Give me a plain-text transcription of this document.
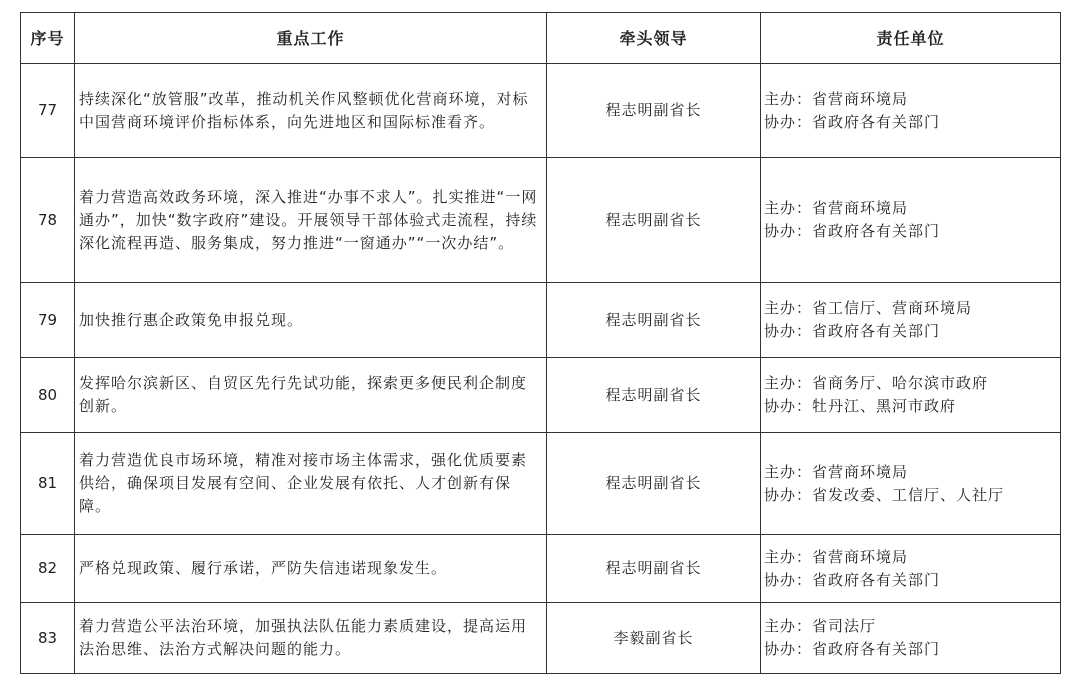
序号	重点工作	牵头领导	责任单位
77	持续深化“放管服”改革，推动机关作风整顿优化营商环境，对标中国营商环境评价指标体系，向先进地区和国际标准看齐。	程志明副省长	主办：省营商环境局
协办：省政府各有关部门

78	着力营造高效政务环境，深入推进“办事不求人”。扎实推进“一网通办”，加快“数字政府”建设。开展领导干部体验式走流程，持续深化流程再造、服务集成，努力推进“一窗通办”“一次办结”。	程志明副省长	主办：省营商环境局
协办：省政府各有关部门

79	加快推行惠企政策免申报兑现。	程志明副省长	主办：省工信厅、营商环境局
协办：省政府各有关部门

80	发挥哈尔滨新区、自贸区先行先试功能，探索更多便民利企制度创新。	程志明副省长	主办：省商务厅、哈尔滨市政府
协办：牡丹江、黑河市政府

81	着力营造优良市场环境，精准对接市场主体需求，强化优质要素供给，确保项目发展有空间、企业发展有依托、人才创新有保障。	程志明副省长	主办：省营商环境局
协办：省发改委、工信厅、人社厅

82	严格兑现政策、履行承诺，严防失信违诺现象发生。	程志明副省长	主办：省营商环境局
协办：省政府各有关部门

83	着力营造公平法治环境，加强执法队伍能力素质建设，提高运用法治思维、法治方式解决问题的能力。	李毅副省长	主办：省司法厅
协办：省政府各有关部门
